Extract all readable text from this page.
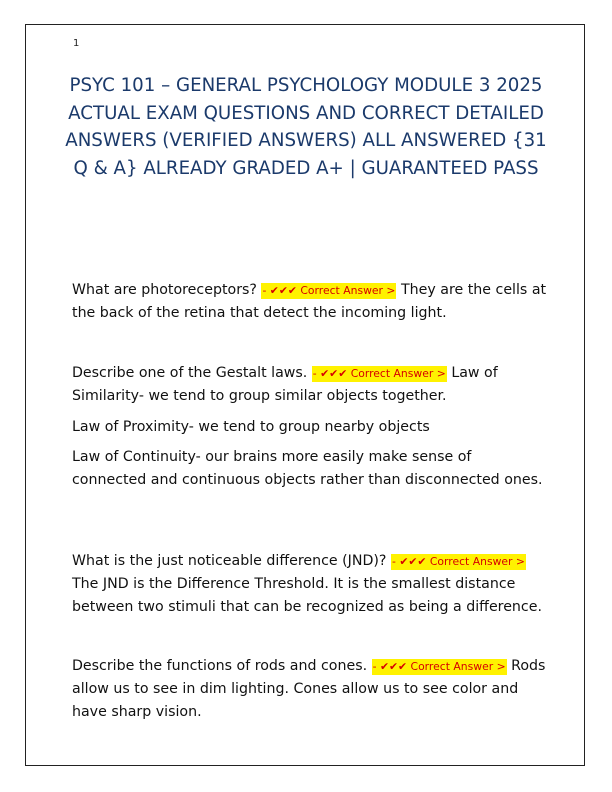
1
PSYC 101 – GENERAL PSYCHOLOGY MODULE 3 2025 ACTUAL EXAM QUESTIONS AND CORRECT DETAILED ANSWERS (VERIFIED ANSWERS) ALL ANSWERED {31 Q & A} ALREADY GRADED A+ | GUARANTEED PASS

What are photoreceptors? - ✔✔✔ Correct Answer > They are the cells at the back of the retina that detect the incoming light.

Describe one of the Gestalt laws. - ✔✔✔ Correct Answer > Law of Similarity- we tend to group similar objects together.

Law of Proximity- we tend to group nearby objects

Law of Continuity- our brains more easily make sense of connected and continuous objects rather than disconnected ones.

What is the just noticeable difference (JND)? - ✔✔✔ Correct Answer > The JND is the Difference Threshold. It is the smallest distance between two stimuli that can be recognized as being a difference.

Describe the functions of rods and cones. - ✔✔✔ Correct Answer > Rods allow us to see in dim lighting. Cones allow us to see color and have sharp vision.
